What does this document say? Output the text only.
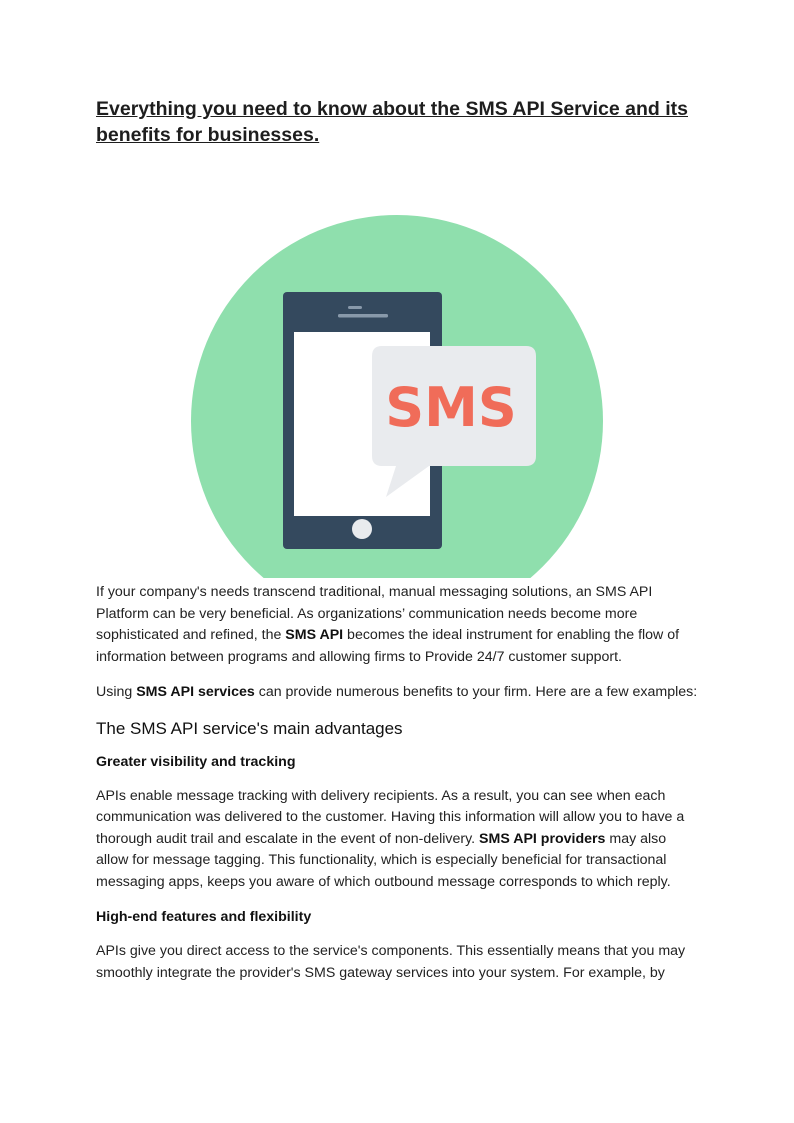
Everything you need to know about the SMS API Service and its
benefits for businesses.
SMS

If your company's needs transcend traditional, manual messaging solutions, an SMS API Platform can be very beneficial. As organizations’ communication needs become more sophisticated and refined, the SMS API becomes the ideal instrument for enabling the flow of information between programs and allowing firms to Provide 24/7 customer support.

Using SMS API services can provide numerous benefits to your firm. Here are a few examples:

The SMS API service's main advantages
Greater visibility and tracking

APIs enable message tracking with delivery recipients. As a result, you can see when each communication was delivered to the customer. Having this information will allow you to have a thorough audit trail and escalate in the event of non-delivery. SMS API providers may also allow for message tagging. This functionality, which is especially beneficial for transactional messaging apps, keeps you aware of which outbound message corresponds to which reply.

High-end features and flexibility

APIs give you direct access to the service's components. This essentially means that you may smoothly integrate the provider's SMS gateway services into your system. For example, by
